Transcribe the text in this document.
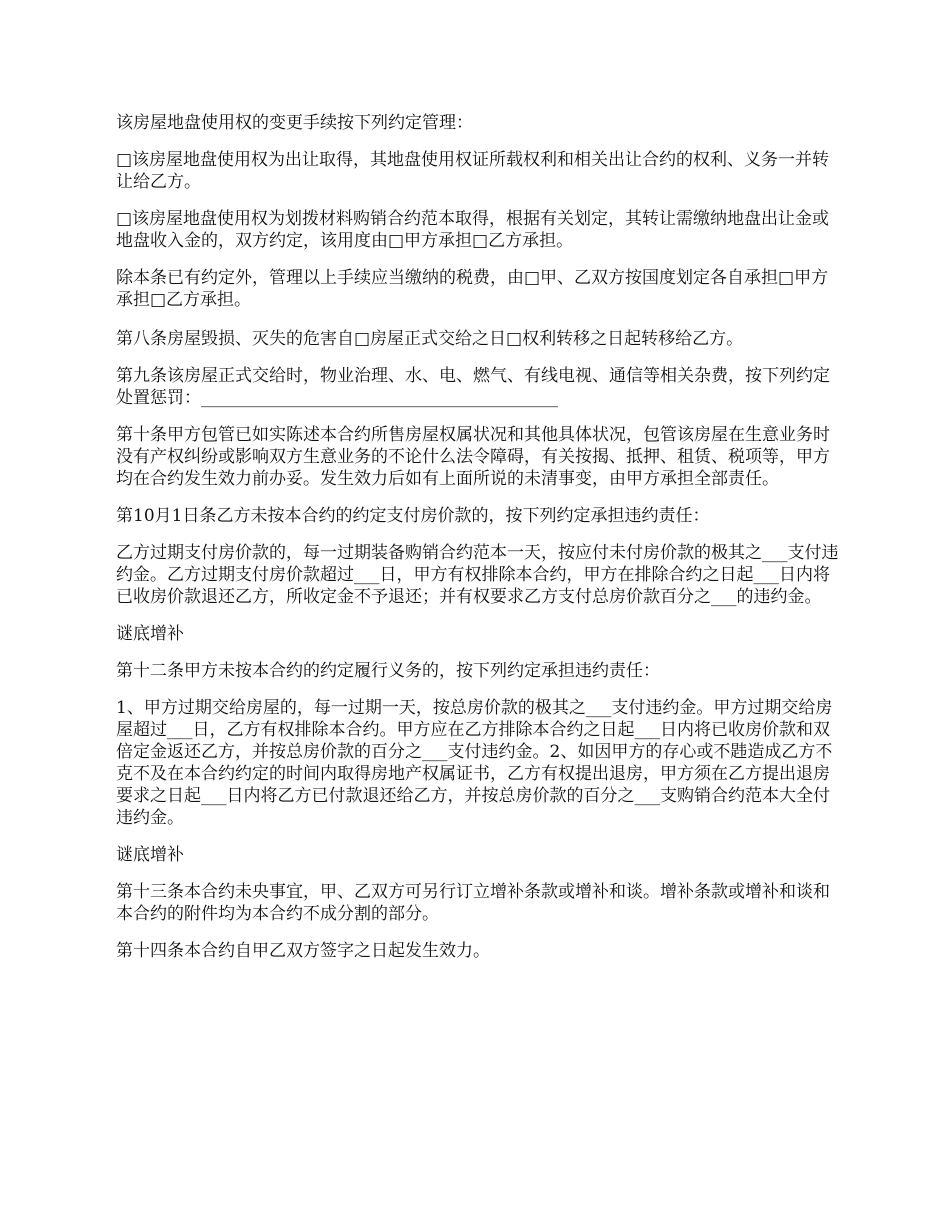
该房屋地盘使用权的变更手续按下列约定管理：

□该房屋地盘使用权为出让取得，其地盘使用权证所载权利和相关出让合约的权利、义务一并转让给乙方。

□该房屋地盘使用权为划拨材料购销合约范本取得，根据有关划定，其转让需缴纳地盘出让金或地盘收入金的，双方约定，该用度由□甲方承担□乙方承担。

除本条已有约定外，管理以上手续应当缴纳的税费，由□甲、乙双方按国度划定各自承担□甲方承担□乙方承担。

第八条房屋毁损、灭失的危害自□房屋正式交给之日□权利转移之日起转移给乙方。

第九条该房屋正式交给时，物业治理、水、电、燃气、有线电视、通信等相关杂费，按下列约定处置惩罚：__________________________________________

第十条甲方包管已如实陈述本合约所售房屋权属状况和其他具体状况，包管该房屋在生意业务时没有产权纠纷或影响双方生意业务的不论什么法令障碍，有关按揭、抵押、租赁、税项等，甲方均在合约发生效力前办妥。发生效力后如有上面所说的未清事变，由甲方承担全部责任。

第10月1日条乙方未按本合约的约定支付房价款的，按下列约定承担违约责任：

乙方过期支付房价款的，每一过期装备购销合约范本一天，按应付未付房价款的极其之___支付违约金。乙方过期支付房价款超过___日，甲方有权排除本合约，甲方在排除合约之日起___日内将已收房价款退还乙方，所收定金不予退还；并有权要求乙方支付总房价款百分之___的违约金。

谜底增补

第十二条甲方未按本合约的约定履行义务的，按下列约定承担违约责任：

1、甲方过期交给房屋的，每一过期一天，按总房价款的极其之___支付违约金。甲方过期交给房屋超过___日，乙方有权排除本合约。甲方应在乙方排除本合约之日起___日内将已收房价款和双倍定金返还乙方，并按总房价款的百分之___支付违约金。2、如因甲方的存心或不韪造成乙方不克不及在本合约约定的时间内取得房地产权属证书，乙方有权提出退房，甲方须在乙方提出退房要求之日起___日内将乙方已付款退还给乙方，并按总房价款的百分之___支购销合约范本大全付违约金。

谜底增补

第十三条本合约未央事宜，甲、乙双方可另行订立增补条款或增补和谈。增补条款或增补和谈和本合约的附件均为本合约不成分割的部分。

第十四条本合约自甲乙双方签字之日起发生效力。
